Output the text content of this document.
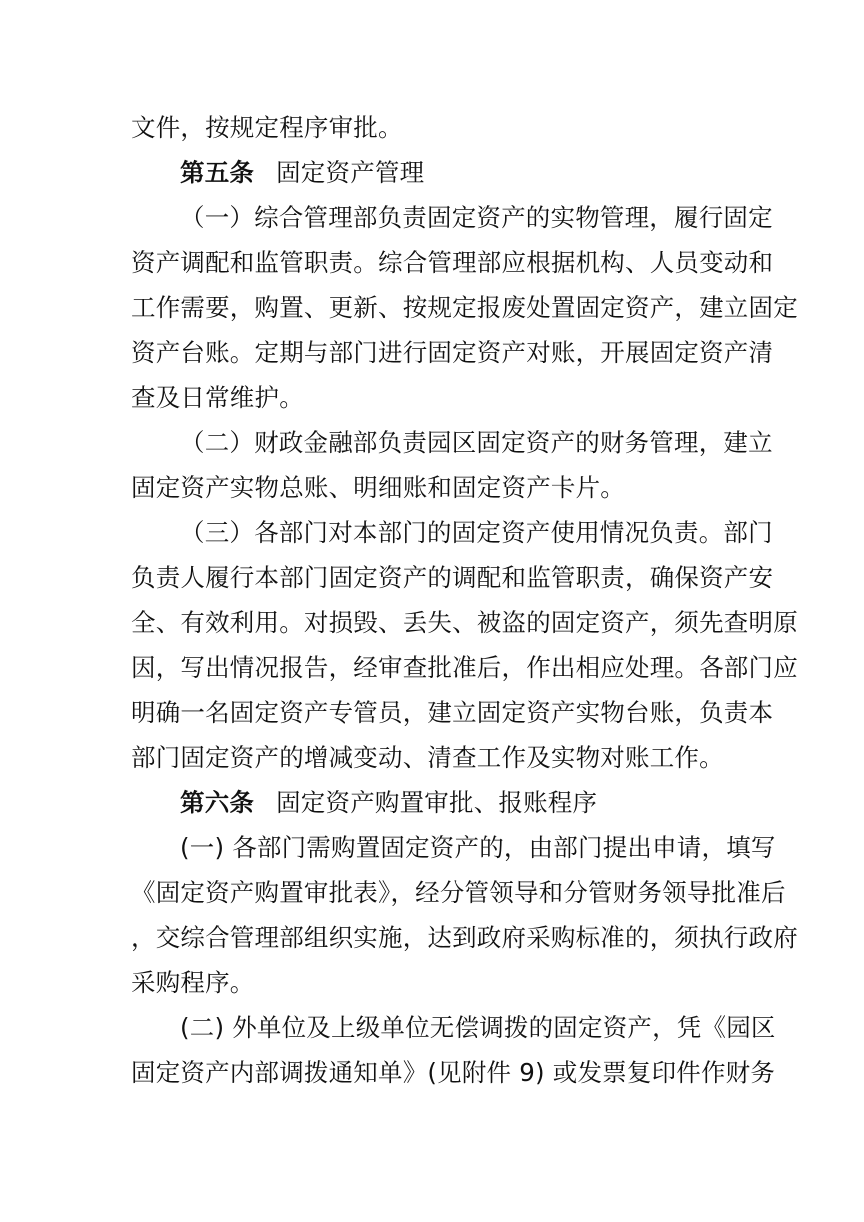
文件，按规定程序审批。
第五条 固定资产管理
（一）综合管理部负责固定资产的实物管理，履行固定
资产调配和监管职责。综合管理部应根据机构、人员变动和
工作需要，购置、更新、按规定报废处置固定资产，建立固定
资产台账。定期与部门进行固定资产对账，开展固定资产清
查及日常维护。
（二）财政金融部负责园区固定资产的财务管理，建立
固定资产实物总账、明细账和固定资产卡片。
（三）各部门对本部门的固定资产使用情况负责。部门
负责人履行本部门固定资产的调配和监管职责，确保资产安
全、有效利用。对损毁、丢失、被盗的固定资产，须先查明原
因，写出情况报告，经审查批准后，作出相应处理。各部门应
明确一名固定资产专管员，建立固定资产实物台账，负责本
部门固定资产的增减变动、清查工作及实物对账工作。
第六条 固定资产购置审批、报账程序
(一) 各部门需购置固定资产的，由部门提出申请，填写
《固定资产购置审批表》，经分管领导和分管财务领导批准后
，交综合管理部组织实施，达到政府采购标准的，须执行政府
采购程序。
(二) 外单位及上级单位无偿调拨的固定资产，凭《园区
固定资产内部调拨通知单》(见附件 9) 或发票复印件作财务
